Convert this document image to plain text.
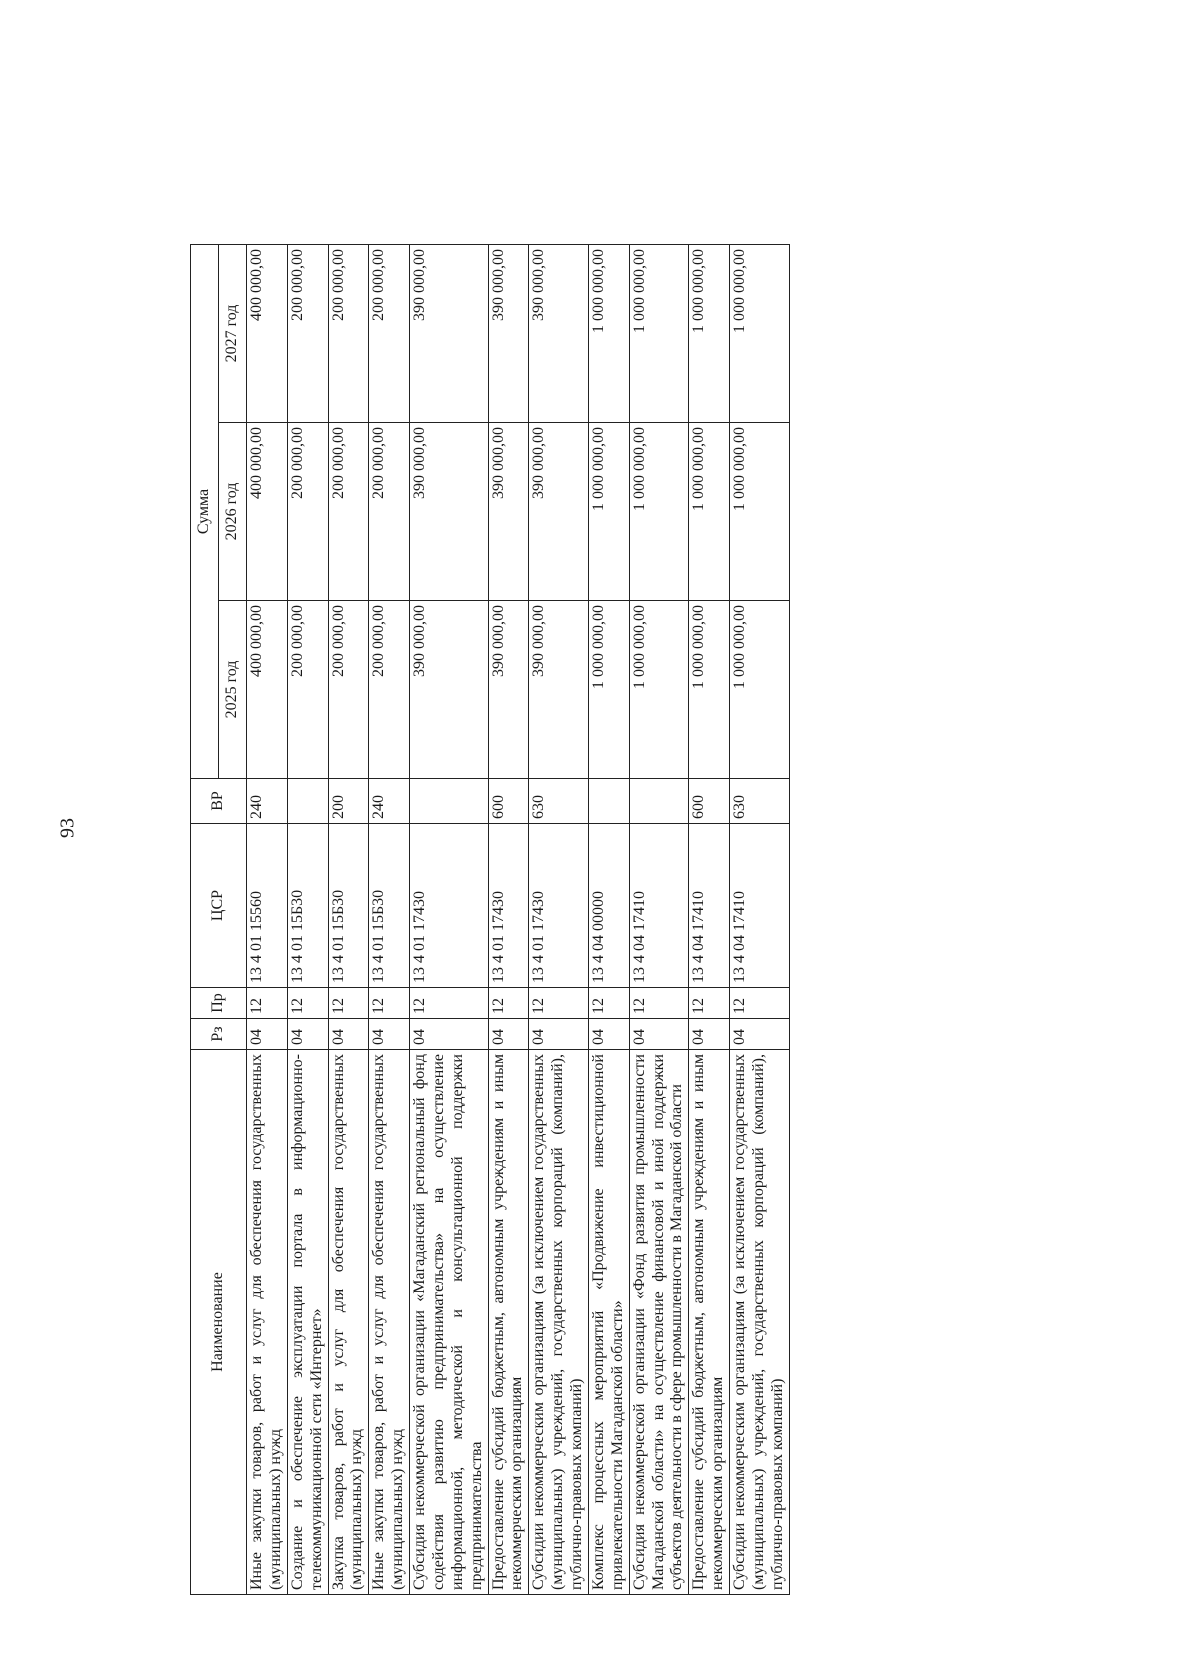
93
Наименование	Рз	Пр	ЦСР	ВР	Сумма		
					2025 год	2026 год	2027 год
Иные закупки товаров, работ и услуг для обеспечения государственных (муниципальных) нужд	04	12	13 4 01 15560	240	400 000,00	400 000,00	400 000,00
Создание и обеспечение эксплуатации портала в информационно-телекоммуникационной сети «Интернет»	04	12	13 4 01 15Б30		200 000,00	200 000,00	200 000,00
Закупка товаров, работ и услуг для обеспечения государственных (муниципальных) нужд	04	12	13 4 01 15Б30	200	200 000,00	200 000,00	200 000,00
Иные закупки товаров, работ и услуг для обеспечения государственных (муниципальных) нужд	04	12	13 4 01 15Б30	240	200 000,00	200 000,00	200 000,00
Субсидия некоммерческой организации «Магаданский региональный фонд содействия развитию предпринимательства» на осуществление информационной, методической и консультационной поддержки предпринимательства	04	12	13 4 01 17430		390 000,00	390 000,00	390 000,00
Предоставление субсидий бюджетным, автономным учреждениям и иным некоммерческим организациям	04	12	13 4 01 17430	600	390 000,00	390 000,00	390 000,00
Субсидии некоммерческим организациям (за исключением государственных (муниципальных) учреждений, государственных корпораций (компаний), публично-правовых компаний)	04	12	13 4 01 17430	630	390 000,00	390 000,00	390 000,00
Комплекс процессных мероприятий «Продвижение инвестиционной привлекательности Магаданской области»	04	12	13 4 04 00000		1 000 000,00	1 000 000,00	1 000 000,00
Субсидия некоммерческой организации «Фонд развития промышленности Магаданской области» на осуществление финансовой и иной поддержки субъектов деятельности в сфере промышленности в Магаданской области	04	12	13 4 04 17410		1 000 000,00	1 000 000,00	1 000 000,00
Предоставление субсидий бюджетным, автономным учреждениям и иным некоммерческим организациям	04	12	13 4 04 17410	600	1 000 000,00	1 000 000,00	1 000 000,00
Субсидии некоммерческим организациям (за исключением государственных (муниципальных) учреждений, государственных корпораций (компаний), публично-правовых компаний)	04	12	13 4 04 17410	630	1 000 000,00	1 000 000,00	1 000 000,00
